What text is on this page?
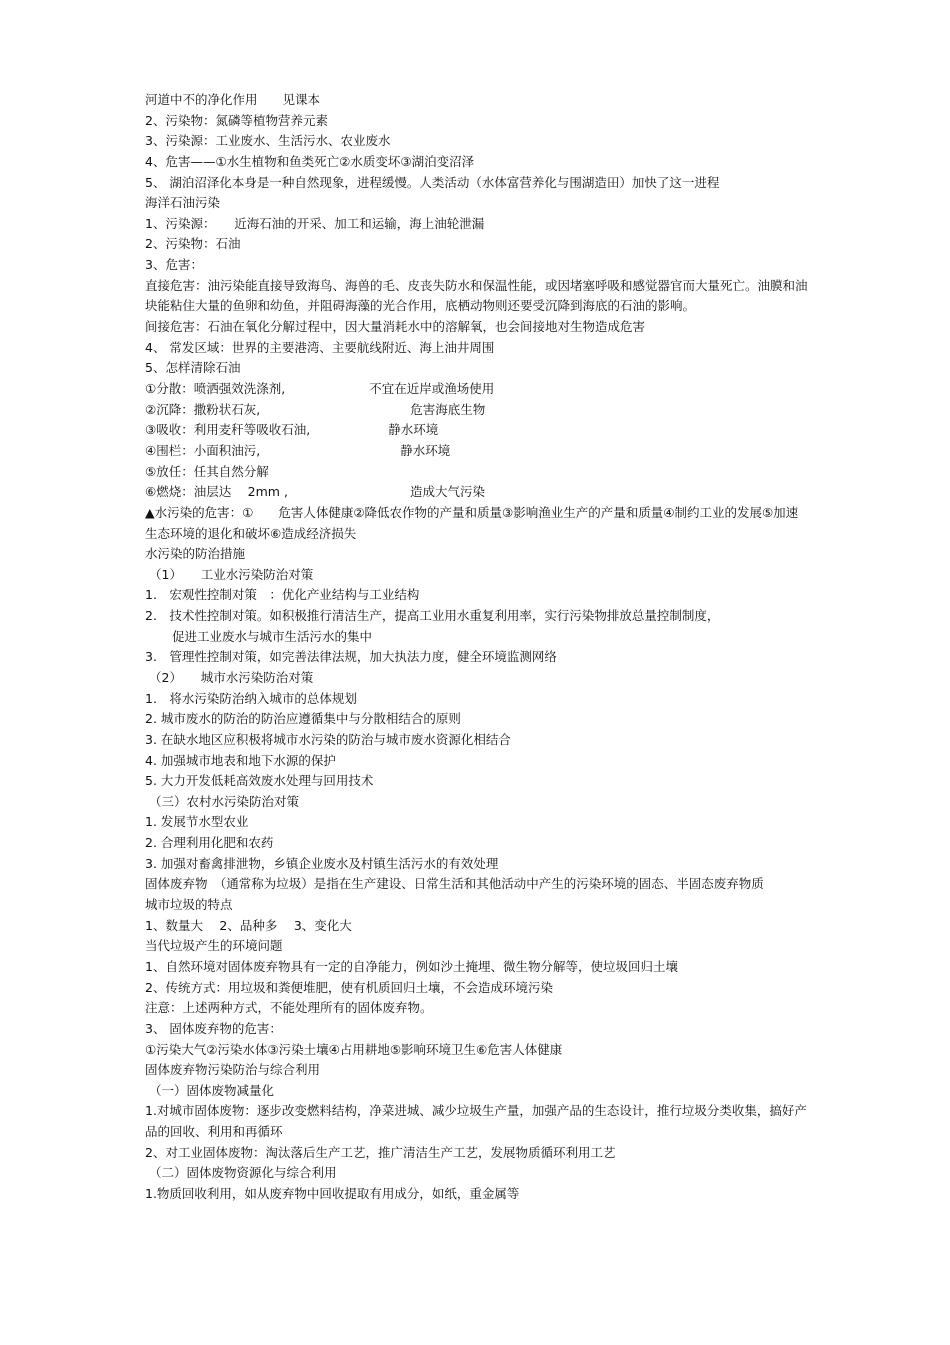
河道中不的净化作用　　见课本
2、污染物：氮磷等植物营养元素
3、污染源：工业废水、生活污水、农业废水
4、危害——①水生植物和鱼类死亡②水质变坏③湖泊变沼泽
5、 湖泊沼泽化本身是一种自然现象，进程缓慢。人类活动（水体富营养化与围湖造田）加快了这一进程
海洋石油污染
1、污染源：　　近海石油的开采、加工和运输，海上油轮泄漏
2、污染物：石油
3、危害：
直接危害：油污染能直接导致海鸟、海兽的毛、皮丧失防水和保温性能，或因堵塞呼吸和感觉器官而大量死亡。油膜和油块能粘住大量的鱼卵和幼鱼，并阻碍海藻的光合作用，底栖动物则还要受沉降到海底的石油的影响。
间接危害：石油在氧化分解过程中，因大量消耗水中的溶解氧，也会间接地对生物造成危害
4、 常发区域：世界的主要港湾、主要航线附近、海上油井周围
5、怎样清除石油
①分散：喷洒强效洗涤剂,	不宜在近岸或渔场使用
②沉降：撒粉状石灰,	危害海底生物
③吸收：利用麦秆等吸收石油,	静水环境
④围栏：小面积油污,	静水环境
⑤放任：任其自然分解
⑥燃烧：油层达　 2mm ,	造成大气污染
▲水污染的危害：①　　危害人体健康②降低农作物的产量和质量③影响渔业生产的产量和质量④制约工业的发展⑤加速生态环境的退化和破坏⑥造成经济损失
水污染的防治措施
（1）　　工业水污染防治对策
1.　宏观性控制对策　：优化产业结构与工业结构
2.　技术性控制对策。如积极推行清洁生产，提高工业用水重复利用率，实行污染物排放总量控制制度，
促进工业废水与城市生活污水的集中
3.　管理性控制对策，如完善法律法规，加大执法力度，健全环境监测网络
（2）　　城市水污染防治对策
1.　将水污染防治纳入城市的总体规划
2. 城市废水的防治的防治应遵循集中与分散相结合的原则
3. 在缺水地区应积极将城市水污染的防治与城市废水资源化相结合
4. 加强城市地表和地下水源的保护
5. 大力开发低耗高效废水处理与回用技术
（三）农村水污染防治对策
1. 发展节水型农业
2. 合理利用化肥和农药
3. 加强对畜禽排泄物，乡镇企业废水及村镇生活污水的有效处理
固体废弃物　（通常称为垃圾）是指在生产建设、日常生活和其他活动中产生的污染环境的固态、半固态废弃物质
城市垃圾的特点
1、数量大　 2、品种多　 3、变化大
当代垃圾产生的环境问题
1、自然环境对固体废弃物具有一定的自净能力，例如沙土掩埋、微生物分解等，使垃圾回归土壤
2、传统方式：用垃圾和粪便堆肥，使有机质回归土壤，不会造成环境污染
注意：上述两种方式，不能处理所有的固体废弃物。
3、 固体废弃物的危害：
①污染大气②污染水体③污染土壤④占用耕地⑤影响环境卫生⑥危害人体健康
固体废弃物污染防治与综合利用
（一）固体废物减量化
1.对城市固体废物：逐步改变燃料结构，净菜进城、减少垃圾生产量，加强产品的生态设计，推行垃圾分类收集，搞好产品的回收、利用和再循环
2、对工业固体废物：淘汰落后生产工艺，推广清洁生产工艺，发展物质循环利用工艺
（二）固体废物资源化与综合利用
1.物质回收利用，如从废弃物中回收提取有用成分，如纸，重金属等
